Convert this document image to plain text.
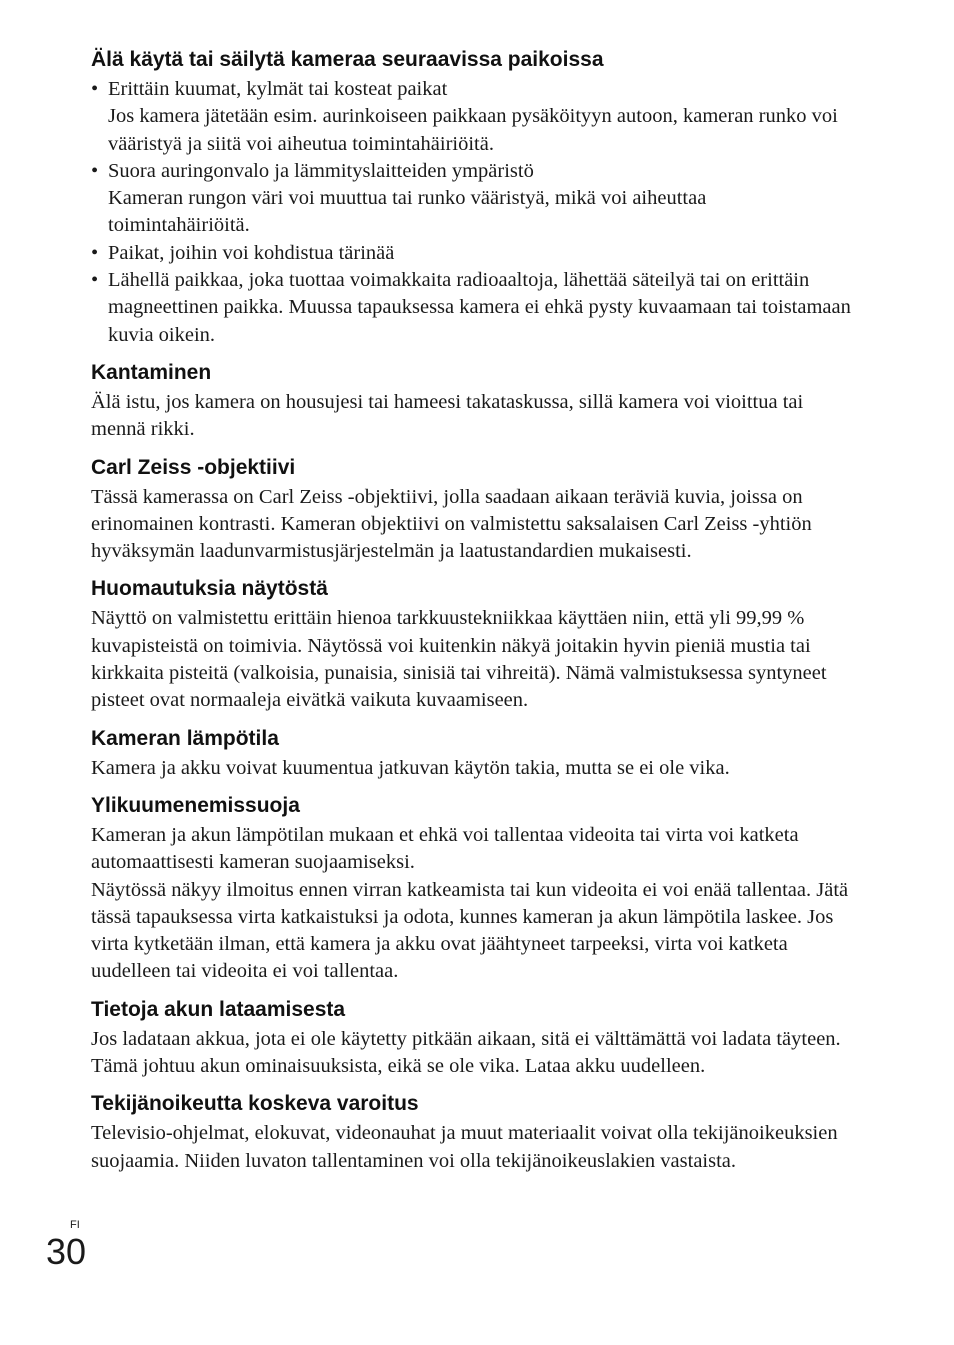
Älä käytä tai säilytä kameraa seuraavissa paikoissa
• Erittäin kuumat, kylmät tai kosteat paikat

Jos kamera jätetään esim. aurinkoiseen paikkaan pysäköityyn autoon, kameran runko voi vääristyä ja siitä voi aiheutua toimintahäiriöitä.

• Suora auringonvalo ja lämmityslaitteiden ympäristö

Kameran rungon väri voi muuttua tai runko vääristyä, mikä voi aiheuttaa toimintahäiriöitä.

• Paikat, joihin voi kohdistua tärinää

• Lähellä paikkaa, joka tuottaa voimakkaita radioaaltoja, lähettää säteilyä tai on erittäin magneettinen paikka. Muussa tapauksessa kamera ei ehkä pysty kuvaamaan tai toistamaan kuvia oikein.

Kantaminen

Älä istu, jos kamera on housujesi tai hameesi takataskussa, sillä kamera voi vioittua tai mennä rikki.

Carl Zeiss -objektiivi

Tässä kamerassa on Carl Zeiss -objektiivi, jolla saadaan aikaan teräviä kuvia, joissa on erinomainen kontrasti. Kameran objektiivi on valmistettu saksalaisen Carl Zeiss -yhtiön hyväksymän laadunvarmistusjärjestelmän ja laatustandardien mukaisesti.

Huomautuksia näytöstä

Näyttö on valmistettu erittäin hienoa tarkkuustekniikkaa käyttäen niin, että yli 99,99 % kuvapisteistä on toimivia. Näytössä voi kuitenkin näkyä joitakin hyvin pieniä mustia tai kirkkaita pisteitä (valkoisia, punaisia, sinisiä tai vihreitä). Nämä valmistuksessa syntyneet pisteet ovat normaaleja eivätkä vaikuta kuvaamiseen.

Kameran lämpötila

Kamera ja akku voivat kuumentua jatkuvan käytön takia, mutta se ei ole vika.

Ylikuumenemissuoja

Kameran ja akun lämpötilan mukaan et ehkä voi tallentaa videoita tai virta voi katketa automaattisesti kameran suojaamiseksi.

Näytössä näkyy ilmoitus ennen virran katkeamista tai kun videoita ei voi enää tallentaa. Jätä tässä tapauksessa virta katkaistuksi ja odota, kunnes kameran ja akun lämpötila laskee. Jos virta kytketään ilman, että kamera ja akku ovat jäähtyneet tarpeeksi, virta voi katketa uudelleen tai videoita ei voi tallentaa.

Tietoja akun lataamisesta

Jos ladataan akkua, jota ei ole käytetty pitkään aikaan, sitä ei välttämättä voi ladata täyteen.

Tämä johtuu akun ominaisuuksista, eikä se ole vika. Lataa akku uudelleen.

Tekijänoikeutta koskeva varoitus

Televisio-ohjelmat, elokuvat, videonauhat ja muut materiaalit voivat olla tekijänoikeuksien suojaamia. Niiden luvaton tallentaminen voi olla tekijänoikeuslakien vastaista.

FI
30
